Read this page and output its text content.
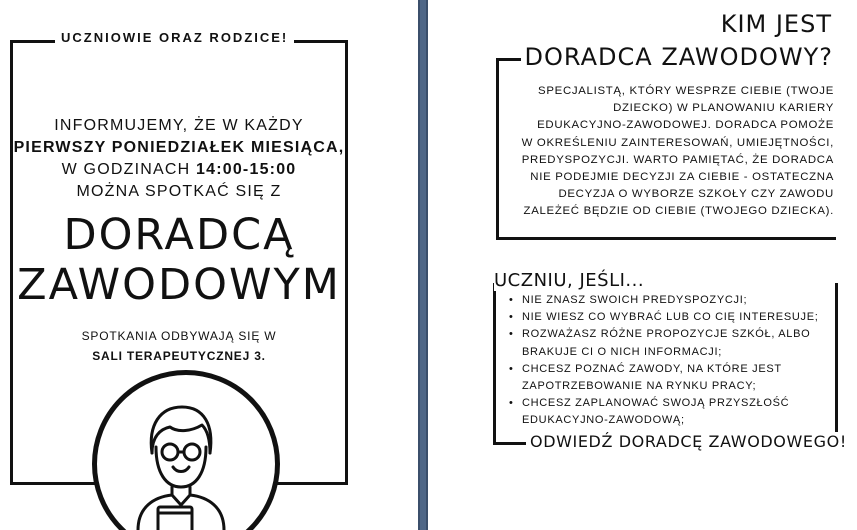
UCZNIOWIE ORAZ RODZICE!
INFORMUJEMY, ŻE W KAŻDY
PIERWSZY PONIEDZIAŁEK MIESIĄCA,
W GODZINACH 14:00-15:00
MOŻNA SPOTKAĆ SIĘ Z
DORADCĄ
ZAWODOWYM
SPOTKANIA ODBYWAJĄ SIĘ W
SALI TERAPEUTYCZNEJ 3.
KIM JEST
DORADCA ZAWODOWY?
SPECJALISTĄ, KTÓRY WESPRZE CIEBIE (TWOJE
DZIECKO) W PLANOWANIU KARIERY
EDUKACYJNO-ZAWODOWEJ. DORADCA POMOŻE
W OKREŚLENIU ZAINTERESOWAŃ, UMIEJĘTNOŚCI,
PREDYSPOZYCJI. WARTO PAMIĘTAĆ, ŻE DORADCA
NIE PODEJMIE DECYZJI ZA CIEBIE - OSTATECZNA
DECYZJA O WYBORZE SZKOŁY CZY ZAWODU
ZALEŻEĆ BĘDZIE OD CIEBIE (TWOJEGO DZIECKA).
UCZNIU, JEŚLI...
• NIE ZNASZ SWOICH PREDYSPOZYCJI;
• NIE WIESZ CO WYBRAĆ LUB CO CIĘ INTERESUJE;
• ROZWAŻASZ RÓŻNE PROPOZYCJE SZKÓŁ, ALBO BRAKUJE CI O NICH INFORMACJI;
• CHCESZ POZNAĆ ZAWODY, NA KTÓRE JEST ZAPOTRZEBOWANIE NA RYNKU PRACY;
• CHCESZ ZAPLANOWAĆ SWOJĄ PRZYSZŁOŚĆ EDUKACYJNO-ZAWODOWĄ;
ODWIEDŹ DORADCĘ ZAWODOWEGO!
